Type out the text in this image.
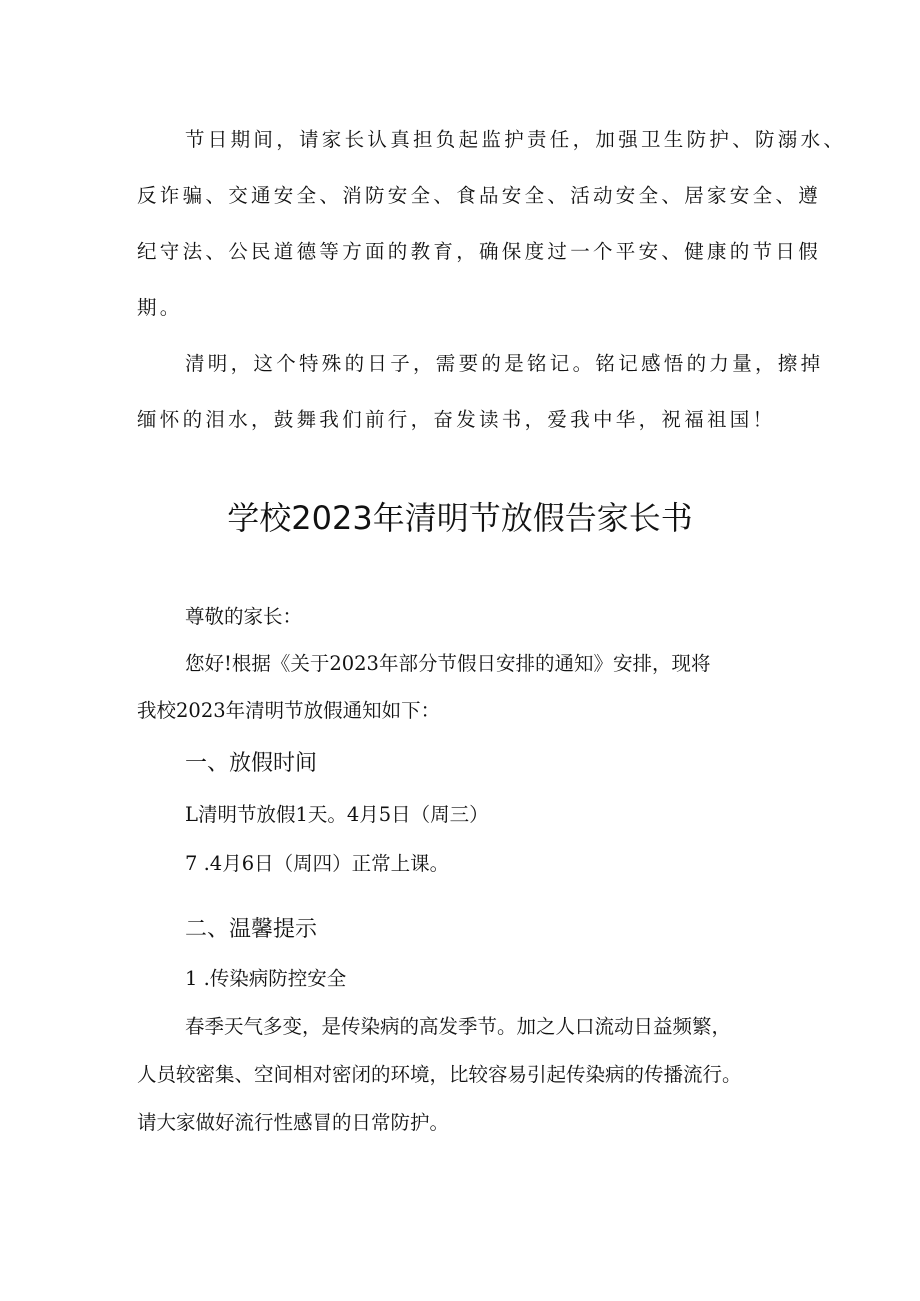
节日期间，请家长认真担负起监护责任，加强卫生防护、防溺水、
反诈骗、交通安全、消防安全、食品安全、活动安全、居家安全、遵
纪守法、公民道德等方面的教育，确保度过一个平安、健康的节日假
期。
清明，这个特殊的日子，需要的是铭记。铭记感悟的力量，擦掉
缅怀的泪水，鼓舞我们前行，奋发读书，爱我中华，祝福祖国！
学校2023年清明节放假告家长书
尊敬的家长：
您好!根据《关于2023年部分节假日安排的通知》安排，现将
我校2023年清明节放假通知如下：
一、放假时间
L清明节放假1天。4月5日（周三）
7 .4月6日（周四）正常上课。
二、温馨提示
1 .传染病防控安全
春季天气多变，是传染病的高发季节。加之人口流动日益频繁，
人员较密集、空间相对密闭的环境，比较容易引起传染病的传播流行。
请大家做好流行性感冒的日常防护。
